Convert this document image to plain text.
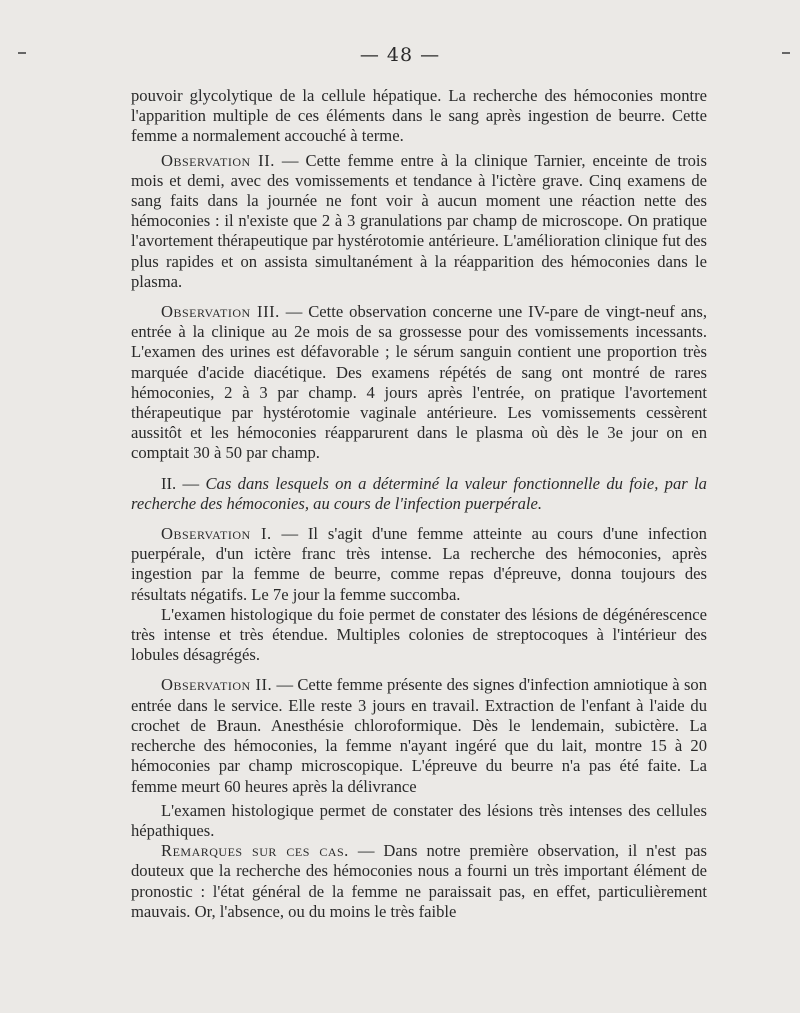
— 48 —

pouvoir glycolytique de la cellule hépatique. La recherche des hémoconies montre l'apparition multiple de ces éléments dans le sang après ingestion de beurre. Cette femme a normalement accouché à terme.

Observation II. — Cette femme entre à la clinique Tarnier, enceinte de trois mois et demi, avec des vomissements et tendance à l'ictère grave. Cinq examens de sang faits dans la journée ne font voir à aucun moment une réaction nette des hémoconies : il n'existe que 2 à 3 granulations par champ de microscope. On pratique l'avortement thérapeutique par hystérotomie antérieure. L'amélioration clinique fut des plus rapides et on assista simultanément à la réapparition des hémoconies dans le plasma.

Observation III. — Cette observation concerne une IV-pare de vingt-neuf ans, entrée à la clinique au 2e mois de sa grossesse pour des vomissements incessants. L'examen des urines est défavorable ; le sérum sanguin contient une proportion très marquée d'acide diacétique. Des examens répétés de sang ont montré de rares hémoconies, 2 à 3 par champ. 4 jours après l'entrée, on pratique l'avortement thérapeutique par hystérotomie vaginale antérieure. Les vomissements cessèrent aussitôt et les hémoconies réapparurent dans le plasma où dès le 3e jour on en comptait 30 à 50 par champ.

II. — Cas dans lesquels on a déterminé la valeur fonctionnelle du foie, par la recherche des hémoconies, au cours de l'infection puerpérale.

Observation I. — Il s'agit d'une femme atteinte au cours d'une infection puerpérale, d'un ictère franc très intense. La recherche des hémoconies, après ingestion par la femme de beurre, comme repas d'épreuve, donna toujours des résultats négatifs. Le 7e jour la femme succomba.

L'examen histologique du foie permet de constater des lésions de dégénérescence très intense et très étendue. Multiples colonies de streptocoques à l'intérieur des lobules désagrégés.

Observation II. — Cette femme présente des signes d'infection amniotique à son entrée dans le service. Elle reste 3 jours en travail. Extraction de l'enfant à l'aide du crochet de Braun. Anesthésie chloroformique. Dès le lendemain, subictère. La recherche des hémoconies, la femme n'ayant ingéré que du lait, montre 15 à 20 hémoconies par champ microscopique. L'épreuve du beurre n'a pas été faite. La femme meurt 60 heures après la délivrance

L'examen histologique permet de constater des lésions très intenses des cellules hépathiques.

Remarques sur ces cas. — Dans notre première observation, il n'est pas douteux que la recherche des hémoconies nous a fourni un très important élément de pronostic : l'état général de la femme ne paraissait pas, en effet, particulièrement mauvais. Or, l'absence, ou du moins le très faible
